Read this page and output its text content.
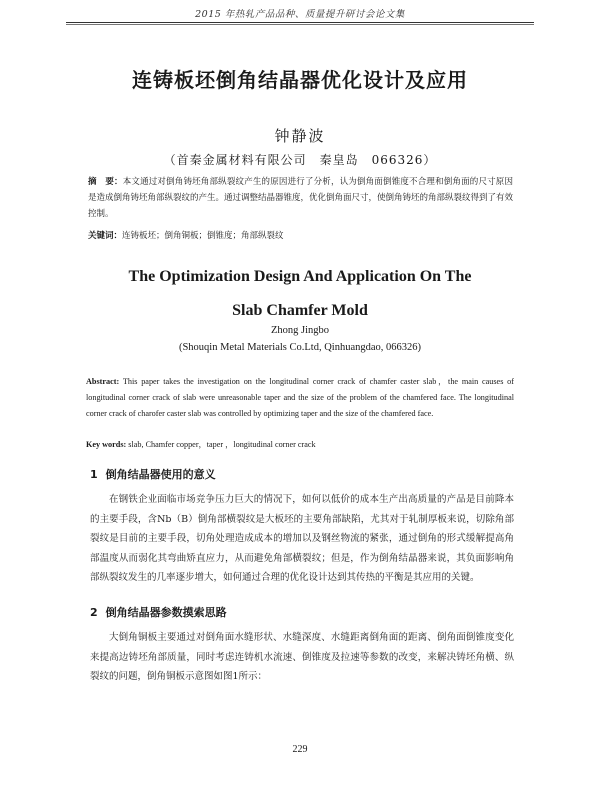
2015 年热轧产品品种、质量提升研讨会论文集
连铸板坯倒角结晶器优化设计及应用
钟静波
（首秦金属材料有限公司　秦皇岛　066326）
摘　要：本文通过对倒角铸坯角部纵裂纹产生的原因进行了分析，认为倒角面倒锥度不合理和倒角面的尺寸原因是造成倒角铸坯角部纵裂纹的产生。通过调整结晶器锥度，优化倒角面尺寸，使倒角铸坯的角部纵裂纹得到了有效控制。
关键词：连铸板坯；倒角铜板；倒锥度；角部纵裂纹
The Optimization Design And Application On The
Slab Chamfer Mold
Zhong Jingbo
(Shouqin Metal Materials Co.Ltd, Qinhuangdao, 066326)
Abstract: This paper takes the investigation on the longitudinal corner crack of chamfer caster slab，the main causes of longitudinal corner crack of slab were unreasonable taper and the size of the problem of the chamfered face. The longitudinal corner crack of charofer caster slab was controlled by optimizing taper and the size of the chamfered face.
Key words: slab, Chamfer copper，taper ，longitudinal corner crack
1 倒角结晶器使用的意义
在钢铁企业面临市场竞争压力巨大的情况下，如何以低价的成本生产出高质量的产品是目前降本的主要手段，含Nb（B）倒角部横裂纹是大板坯的主要角部缺陷，尤其对于轧制厚板来说，切除角部裂纹是目前的主要手段，切角处理造成成本的增加以及钢丝物流的紧张，通过倒角的形式缓解提高角部温度从而弱化其弯曲矫直应力，从而避免角部横裂纹；但是，作为倒角结晶器来说，其负面影响角部纵裂纹发生的几率逐步增大，如何通过合理的优化设计达到其传热的平衡是其应用的关键。
2 倒角结晶器参数摸索思路
大倒角铜板主要通过对倒角面水缝形状、水缝深度、水缝距离倒角面的距离、倒角面倒锥度变化来提高边铸坯角部质量，同时考虑连铸机水流速、倒锥度及拉速等参数的改变，来解决铸坯角横、纵裂纹的问题，倒角铜板示意图如图1所示：
229
